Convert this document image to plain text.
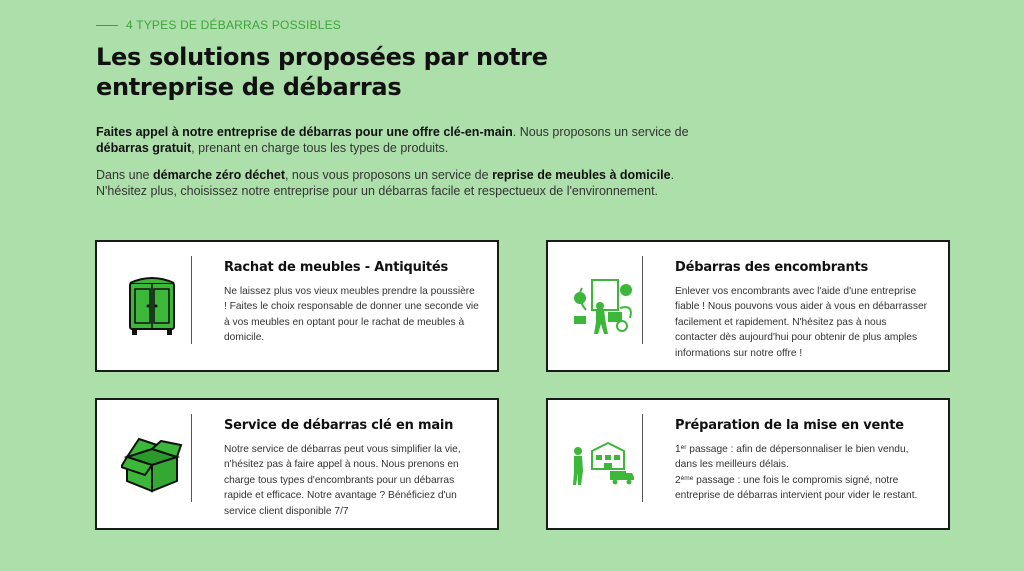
4 TYPES DE DÉBARRAS POSSIBLES
Les solutions proposées par notre
entreprise de débarras

Faites appel à notre entreprise de débarras pour une offre clé-en-main. Nous proposons un service de débarras gratuit, prenant en charge tous les types de produits.

Dans une démarche zéro déchet, nous vous proposons un service de reprise de meubles à domicile. N'hésitez plus, choisissez notre entreprise pour un débarras facile et respectueux de l'environnement.

Rachat de meubles - Antiquités
Ne laissez plus vos vieux meubles prendre la poussière ! Faites le choix responsable de donner une seconde vie à vos meubles en optant pour le rachat de meubles à domicile.
Débarras des encombrants
Enlever vos encombrants avec l'aide d'une entreprise fiable ! Nous pouvons vous aider à vous en débarrasser facilement et rapidement. N'hésitez pas à nous contacter dès aujourd'hui pour obtenir de plus amples informations sur notre offre !
Service de débarras clé en main
Notre service de débarras peut vous simplifier la vie, n'hésitez pas à faire appel à nous. Nous prenons en charge tous types d'encombrants pour un débarras rapide et efficace. Notre avantage ? Bénéficiez d'un service client disponible 7/7
Préparation de la mise en vente
1er passage : afin de dépersonnaliser le bien vendu, dans les meilleurs délais.
2ème passage : une fois le compromis signé, notre entreprise de débarras intervient pour vider le restant.
